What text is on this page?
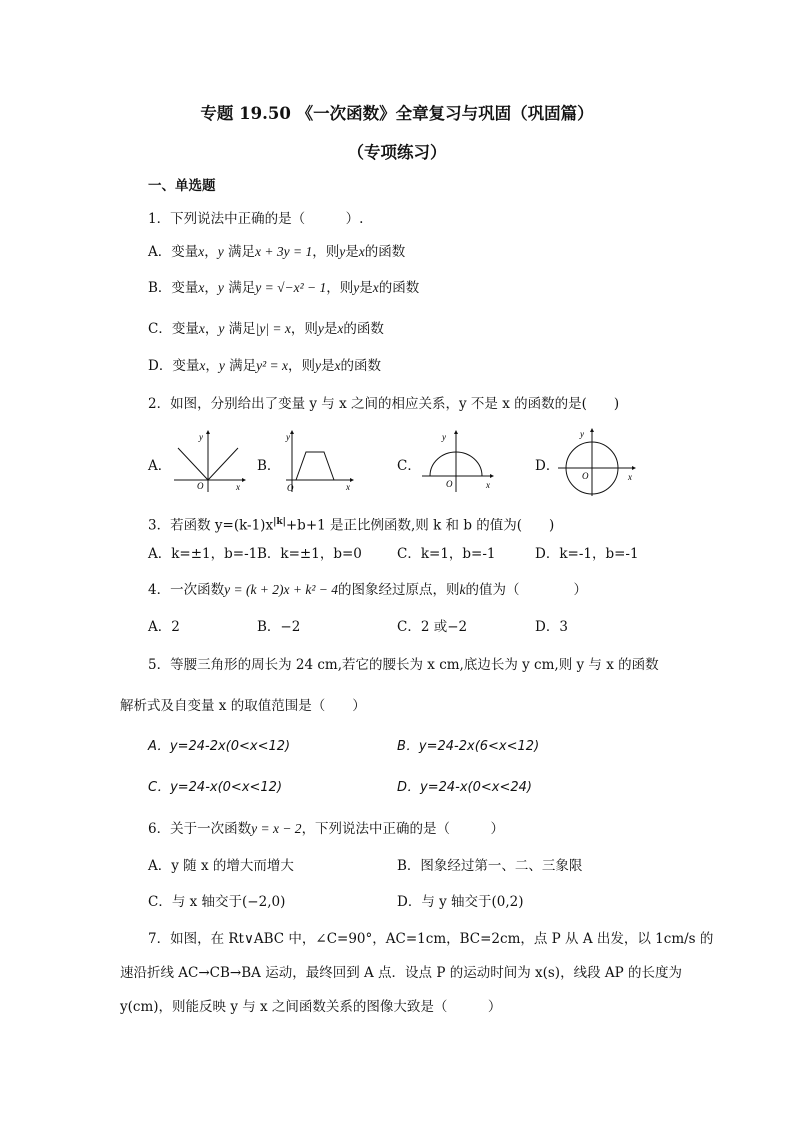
专题 19.50 《一次函数》全章复习与巩固（巩固篇）
（专项练习）
一、单选题
1．下列说法中正确的是（　　　）.
A．变量x，y 满足x + 3y = 1，则y是x的函数
B．变量x，y 满足y = √−x² − 1，则y是x的函数
C．变量x，y 满足|y| = x，则y是x的函数
D．变量x，y 满足y² = x，则y是x的函数
2．如图，分别给出了变量 y 与 x 之间的相应关系，y 不是 x 的函数的是(　　)
A．	B．	C．	D．
x
y
O	x
y
O	x
y
O
x
y
O
3．若函数 $y=(k-1)x^{|k|}+b+1$ 是正比例函数,则 k 和 b 的值为(　　)
A．k=±1，b=-1 B．k=±1，b=0	C．k=1，b=-1	D．k=-1，b=-1
4．一次函数y = (k + 2)x + k² − 4的图象经过原点，则k的值为（　　　　）
A．2	B．−2	C．2 或−2	D．3
5．等腰三角形的周长为 24 cm,若它的腰长为 x cm,底边长为 y cm,则 y 与 x 的函数
解析式及自变量 x 的取值范围是（　　）
A．y=24-2x(0<x<12)	B．y=24-2x(6<x<12)
C．y=24-x(0<x<12)	D．y=24-x(0<x<24)
6．关于一次函数y = x − 2，下列说法中正确的是（　　　）
A．y 随 x 的增大而增大	B．图象经过第一、二、三象限
C．与 x 轴交于(−2,0)	D．与 y 轴交于(0,2)
7．如图，在 Rt∨ABC 中，∠C=90°，AC=1cm，BC=2cm，点 P 从 A 出发，以 1cm/s 的
速沿折线 AC→CB→BA 运动，最终回到 A 点．设点 P 的运动时间为 x(s)，线段 AP 的长度为
y(cm)，则能反映 y 与 x 之间函数关系的图像大致是（　　　）
